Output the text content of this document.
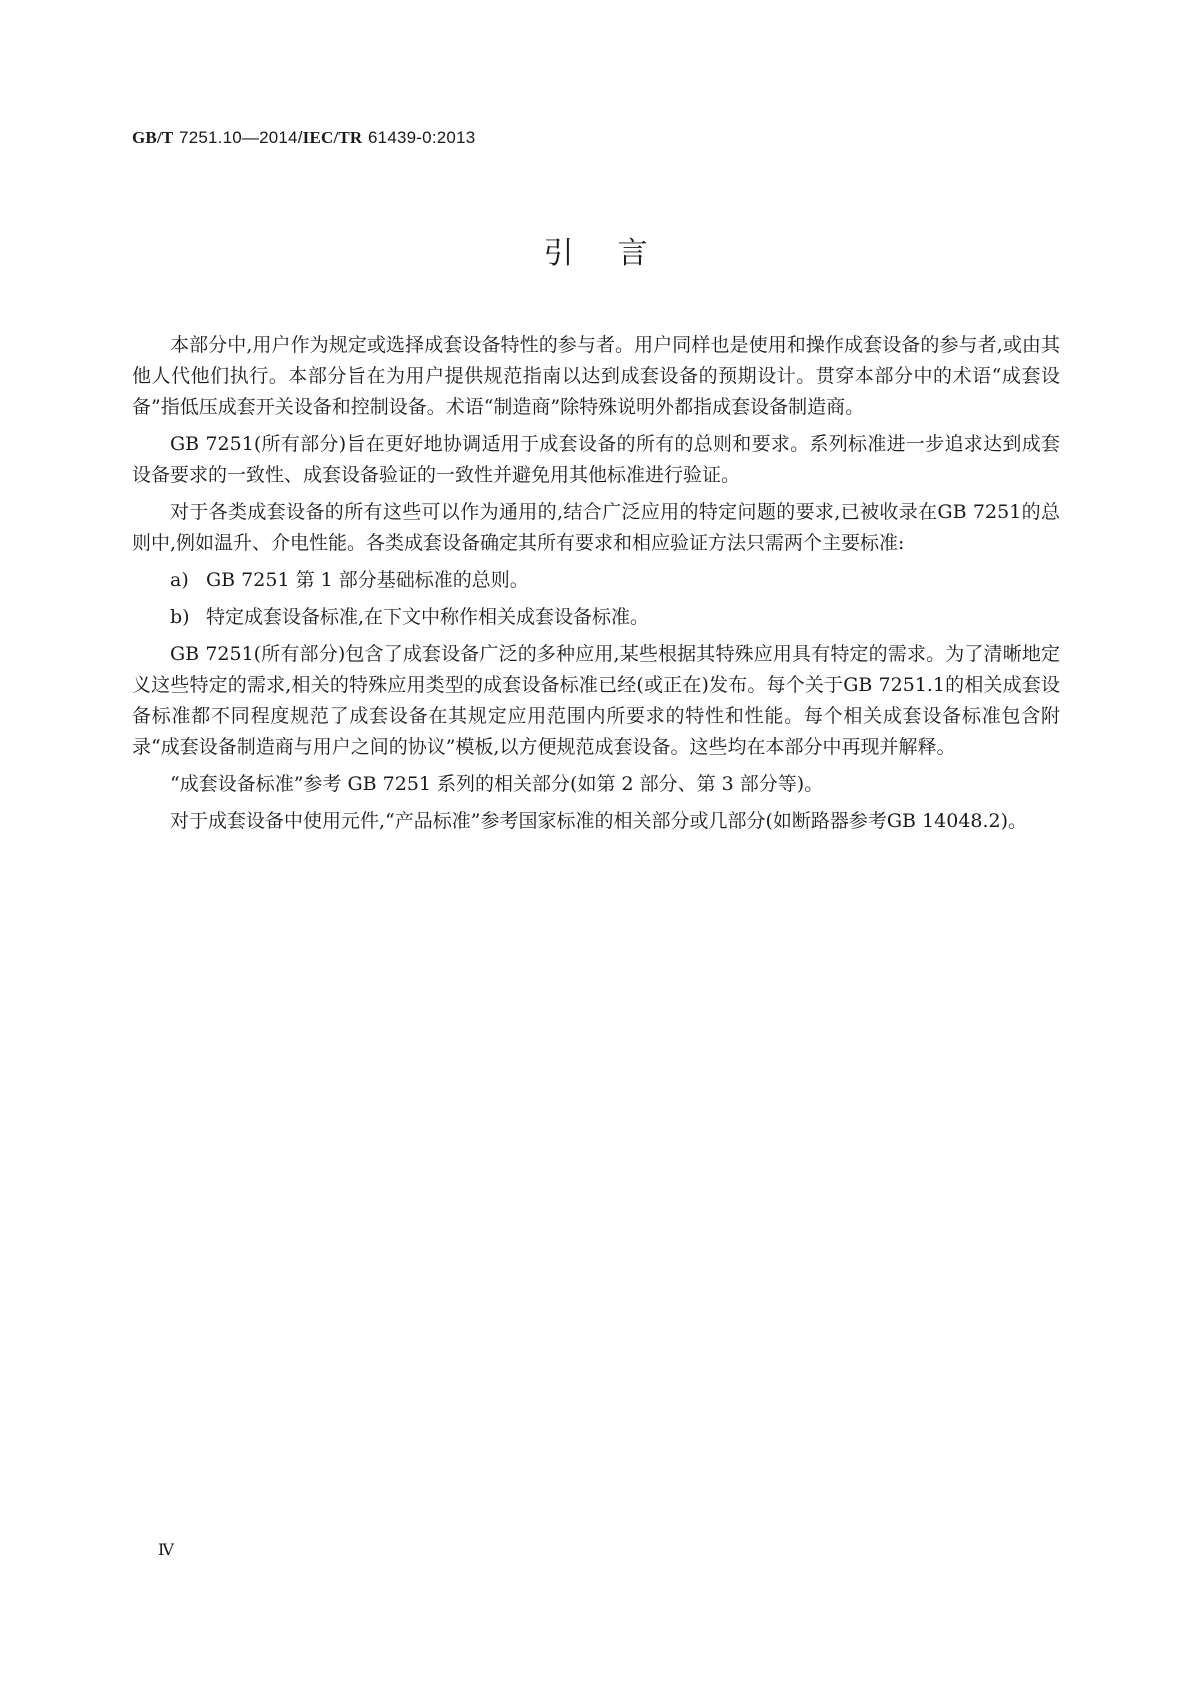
GB/T 7251.10—2014/IEC/TR 61439-0:2013
引言

本部分中,用户作为规定或选择成套设备特性的参与者。用户同样也是使用和操作成套设备的参与者,或由其他人代他们执行。本部分旨在为用户提供规范指南以达到成套设备的预期设计。贯穿本部分中的术语“成套设备”指低压成套开关设备和控制设备。术语“制造商”除特殊说明外都指成套设备制造商。

GB 7251(所有部分)旨在更好地协调适用于成套设备的所有的总则和要求。系列标准进一步追求达到成套设备要求的一致性、成套设备验证的一致性并避免用其他标准进行验证。

对于各类成套设备的所有这些可以作为通用的,结合广泛应用的特定问题的要求,已被收录在GB 7251的总则中,例如温升、介电性能。各类成套设备确定其所有要求和相应验证方法只需两个主要标准:

a) GB 7251 第 1 部分基础标准的总则。

b) 特定成套设备标准,在下文中称作相关成套设备标准。

GB 7251(所有部分)包含了成套设备广泛的多种应用,某些根据其特殊应用具有特定的需求。为了清晰地定义这些特定的需求,相关的特殊应用类型的成套设备标准已经(或正在)发布。每个关于GB 7251.1的相关成套设备标准都不同程度规范了成套设备在其规定应用范围内所要求的特性和性能。每个相关成套设备标准包含附录“成套设备制造商与用户之间的协议”模板,以方便规范成套设备。这些均在本部分中再现并解释。

“成套设备标准”参考 GB 7251 系列的相关部分(如第 2 部分、第 3 部分等)。

对于成套设备中使用元件,“产品标准”参考国家标准的相关部分或几部分(如断路器参考GB 14048.2)。

Ⅳ
